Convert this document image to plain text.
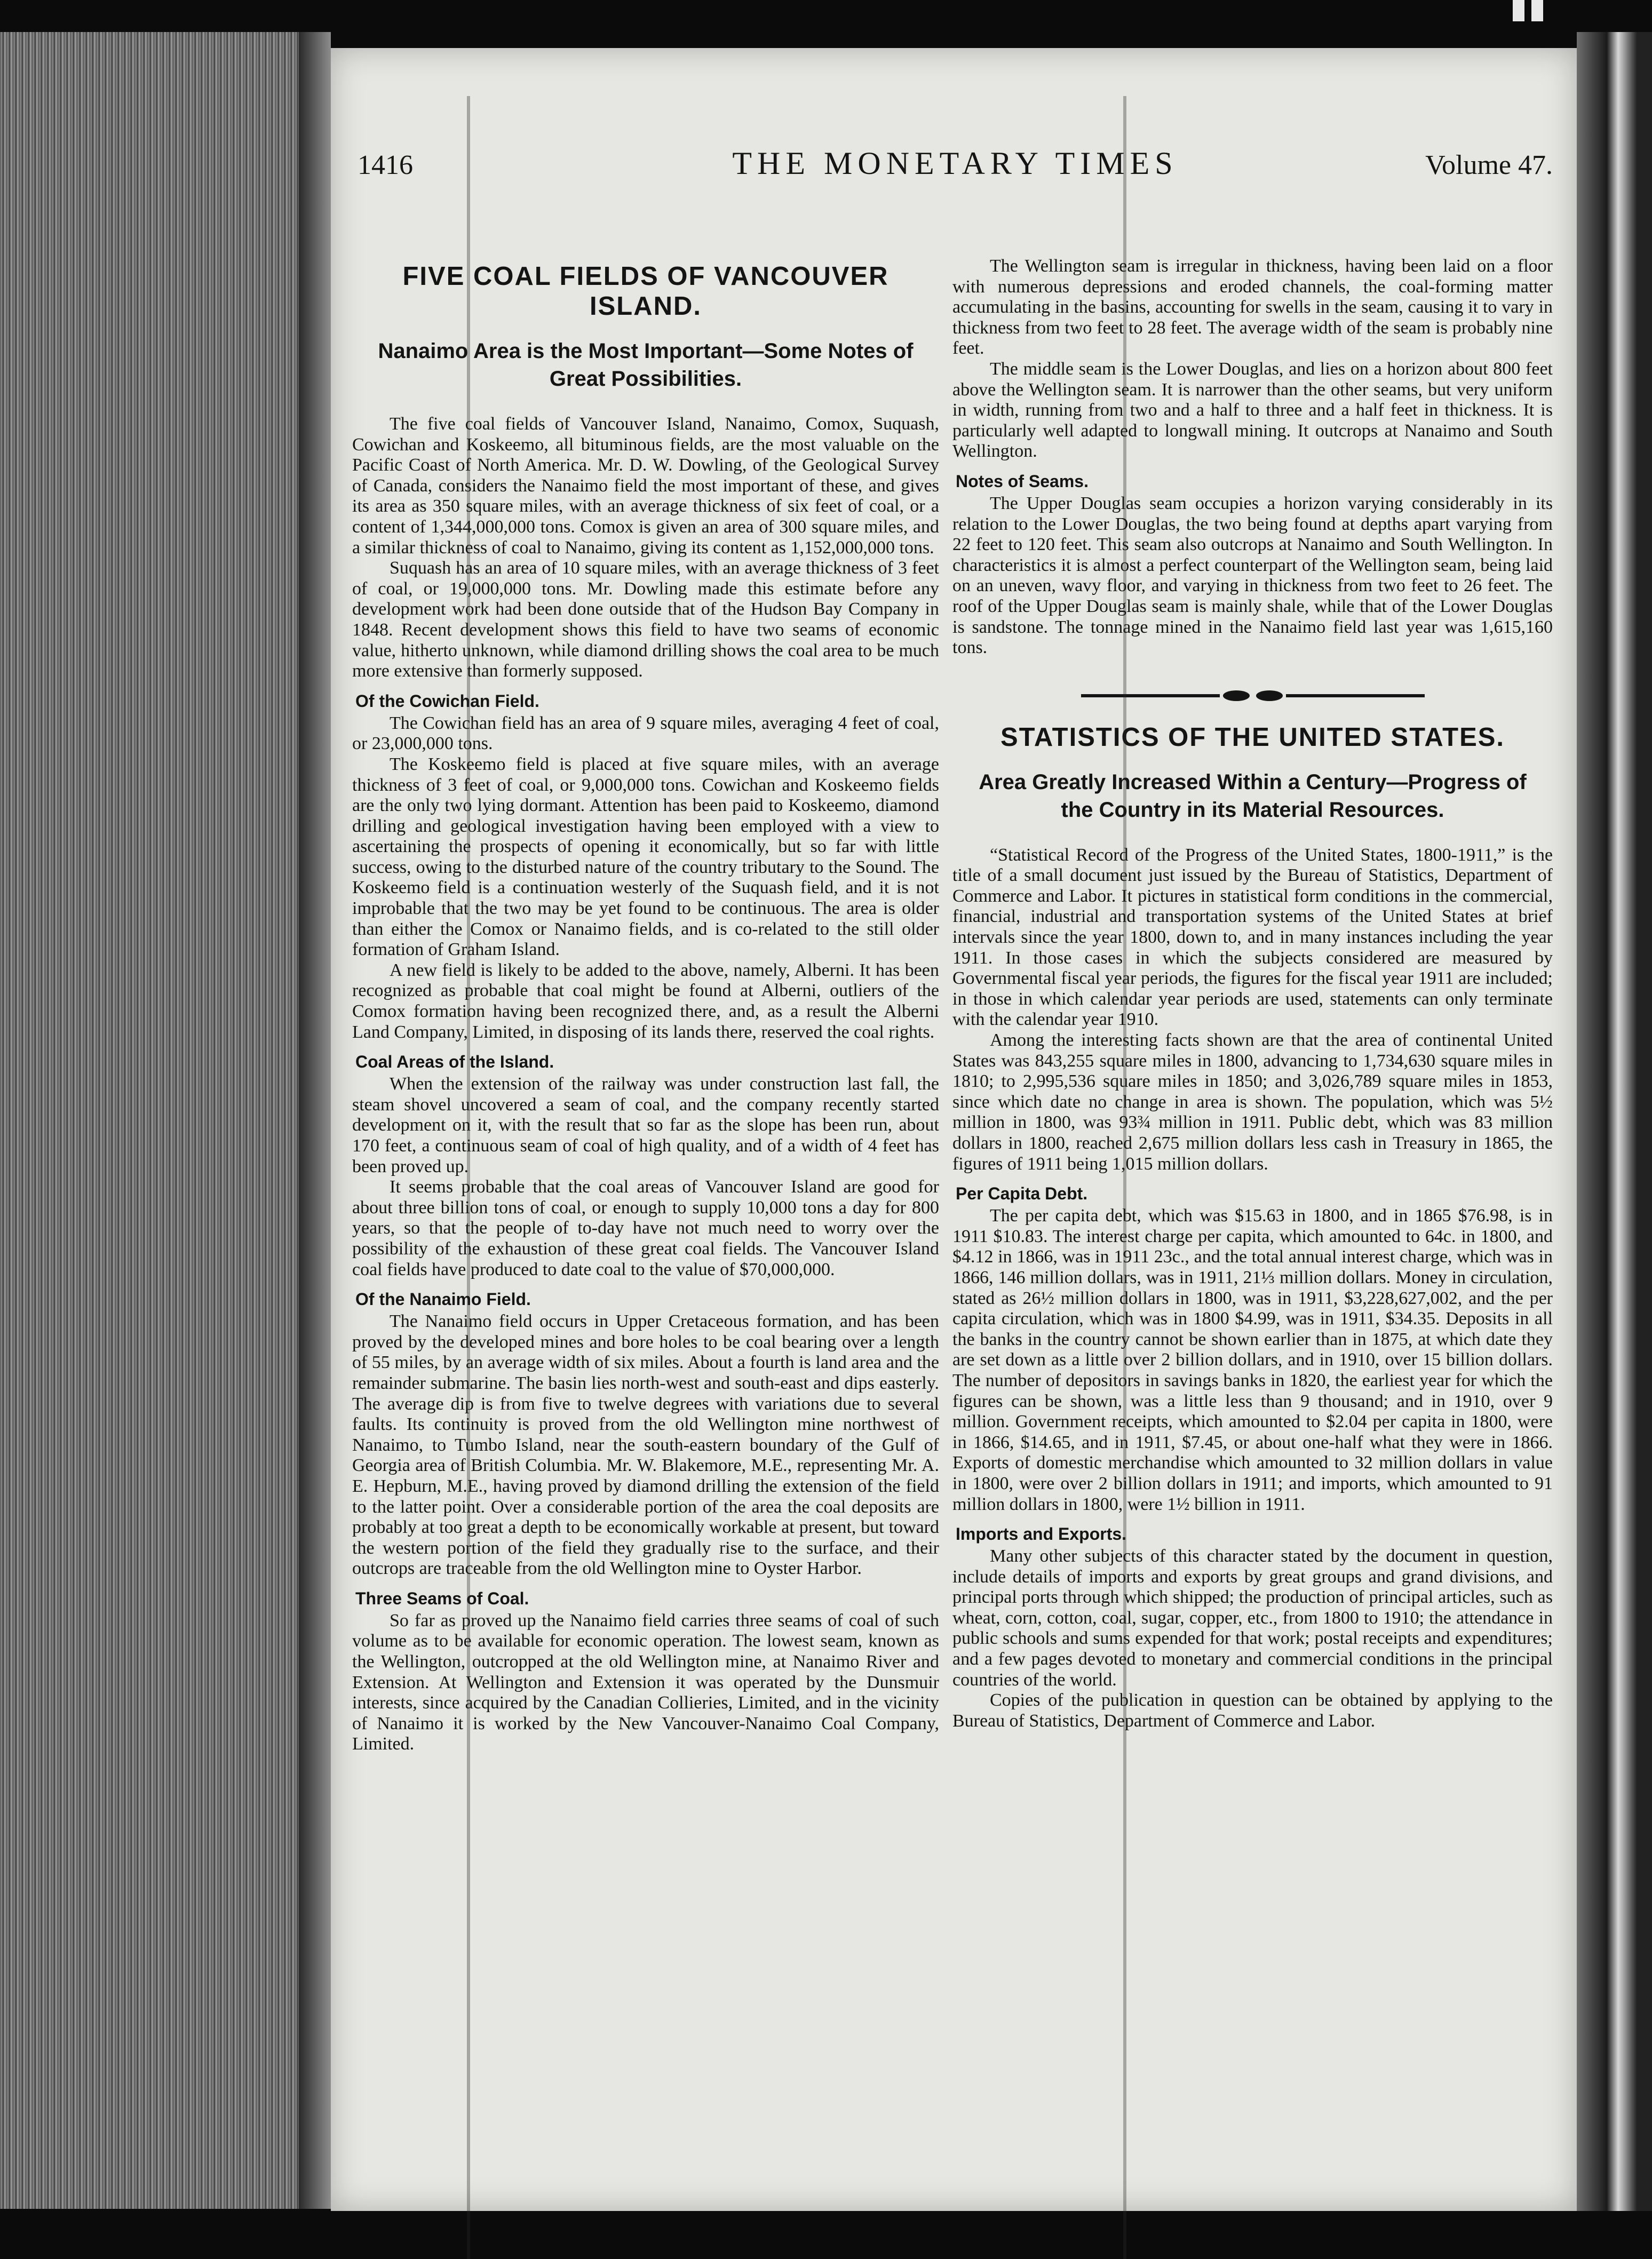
1416	THE MONETARY TIMES	Volume 47.
FIVE COAL FIELDS OF VANCOUVER ISLAND.
Nanaimo Area is the Most Important—Some Notes of Great Possibilities.

The five coal fields of Vancouver Island, Nanaimo, Comox, Suquash, Cowichan and Koskeemo, all bituminous fields, are the most valuable on the Pacific Coast of North America. Mr. D. W. Dowling, of the Geological Survey of Canada, considers the Nanaimo field the most important of these, and gives its area as 350 square miles, with an average thickness of six feet of coal, or a content of 1,344,000,000 tons. Comox is given an area of 300 square miles, and a similar thickness of coal to Nanaimo, giving its content as 1,152,000,000 tons.

Suquash has an area of 10 square miles, with an average thickness of 3 feet of coal, or 19,000,000 tons. Mr. Dowling made this estimate before any development work had been done outside that of the Hudson Bay Company in 1848. Recent development shows this field to have two seams of economic value, hitherto unknown, while diamond drilling shows the coal area to be much more extensive than formerly supposed.

Of the Cowichan Field.

The Cowichan field has an area of 9 square miles, averaging 4 feet of coal, or 23,000,000 tons.

The Koskeemo field is placed at five square miles, with an average thickness of 3 feet of coal, or 9,000,000 tons. Cowichan and Koskeemo fields are the only two lying dormant. Attention has been paid to Koskeemo, diamond drilling and geological investigation having been employed with a view to ascertaining the prospects of opening it economically, but so far with little success, owing to the disturbed nature of the country tributary to the Sound. The Koskeemo field is a continuation westerly of the Suquash field, and it is not improbable that the two may be yet found to be continuous. The area is older than either the Comox or Nanaimo fields, and is co-related to the still older formation of Graham Island.

A new field is likely to be added to the above, namely, Alberni. It has been recognized as probable that coal might be found at Alberni, outliers of the Comox formation having been recognized there, and, as a result the Alberni Land Company, Limited, in disposing of its lands there, reserved the coal rights.

Coal Areas of the Island.

When the extension of the railway was under construction last fall, the steam shovel uncovered a seam of coal, and the company recently started development on it, with the result that so far as the slope has been run, about 170 feet, a continuous seam of coal of high quality, and of a width of 4 feet has been proved up.

It seems probable that the coal areas of Vancouver Island are good for about three billion tons of coal, or enough to supply 10,000 tons a day for 800 years, so that the people of to-day have not much need to worry over the possibility of the exhaustion of these great coal fields. The Vancouver Island coal fields have produced to date coal to the value of $70,000,000.

Of the Nanaimo Field.

The Nanaimo field occurs in Upper Cretaceous formation, and has been proved by the developed mines and bore holes to be coal bearing over a length of 55 miles, by an average width of six miles. About a fourth is land area and the remainder submarine. The basin lies north-west and south-east and dips easterly. The average dip is from five to twelve degrees with variations due to several faults. Its continuity is proved from the old Wellington mine northwest of Nanaimo, to Tumbo Island, near the south-eastern boundary of the Gulf of Georgia area of British Columbia. Mr. W. Blakemore, M.E., representing Mr. A. E. Hepburn, M.E., having proved by diamond drilling the extension of the field to the latter point. Over a considerable portion of the area the coal deposits are probably at too great a depth to be economically workable at present, but toward the western portion of the field they gradually rise to the surface, and their outcrops are traceable from the old Wellington mine to Oyster Harbor.

Three Seams of Coal.

So far as proved up the Nanaimo field carries three seams of coal of such volume as to be available for economic operation. The lowest seam, known as the Wellington, outcropped at the old Wellington mine, at Nanaimo River and Extension. At Wellington and Extension it was operated by the Dunsmuir interests, since acquired by the Canadian Collieries, Limited, and in the vicinity of Nanaimo it is worked by the New Vancouver-Nanaimo Coal Company, Limited.

The Wellington seam is irregular in thickness, having been laid on a floor with numerous depressions and eroded channels, the coal-forming matter accumulating in the basins, accounting for swells in the seam, causing it to vary in thickness from two feet to 28 feet. The average width of the seam is probably nine feet.

The middle seam is the Lower Douglas, and lies on a horizon about 800 feet above the Wellington seam. It is narrower than the other seams, but very uniform in width, running from two and a half to three and a half feet in thickness. It is particularly well adapted to longwall mining. It outcrops at Nanaimo and South Wellington.

Notes of Seams.

The Upper Douglas seam occupies a horizon varying considerably in its relation to the Lower Douglas, the two being found at depths apart varying from 22 feet to 120 feet. This seam also outcrops at Nanaimo and South Wellington. In characteristics it is almost a perfect counterpart of the Wellington seam, being laid on an uneven, wavy floor, and varying in thickness from two feet to 26 feet. The roof of the Upper Douglas seam is mainly shale, while that of the Lower Douglas is sandstone. The tonnage mined in the Nanaimo field last year was 1,615,160 tons.

STATISTICS OF THE UNITED STATES.
Area Greatly Increased Within a Century—Progress of the Country in its Material Resources.

“Statistical Record of the Progress of the United States, 1800-1911,” is the title of a small document just issued by the Bureau of Statistics, Department of Commerce and Labor. It pictures in statistical form conditions in the commercial, financial, industrial and transportation systems of the United States at brief intervals since the year 1800, down to, and in many instances including the year 1911. In those cases in which the subjects considered are measured by Governmental fiscal year periods, the figures for the fiscal year 1911 are included; in those in which calendar year periods are used, statements can only terminate with the calendar year 1910.

Among the interesting facts shown are that the area of continental United States was 843,255 square miles in 1800, advancing to 1,734,630 square miles in 1810; to 2,995,536 square miles in 1850; and 3,026,789 square miles in 1853, since which date no change in area is shown. The population, which was 5½ million in 1800, was 93¾ million in 1911. Public debt, which was 83 million dollars in 1800, reached 2,675 million dollars less cash in Treasury in 1865, the figures of 1911 being 1,015 million dollars.

Per Capita Debt.

The per capita debt, which was $15.63 in 1800, and in 1865 $76.98, is in 1911 $10.83. The interest charge per capita, which amounted to 64c. in 1800, and $4.12 in 1866, was in 1911 23c., and the total annual interest charge, which was in 1866, 146 million dollars, was in 1911, 21⅓ million dollars. Money in circulation, stated as 26½ million dollars in 1800, was in 1911, $3,228,627,002, and the per capita circulation, which was in 1800 $4.99, was in 1911, $34.35. Deposits in all the banks in the country cannot be shown earlier than in 1875, at which date they are set down as a little over 2 billion dollars, and in 1910, over 15 billion dollars. The number of depositors in savings banks in 1820, the earliest year for which the figures can be shown, was a little less than 9 thousand; and in 1910, over 9 million. Government receipts, which amounted to $2.04 per capita in 1800, were in 1866, $14.65, and in 1911, $7.45, or about one-half what they were in 1866. Exports of domestic merchandise which amounted to 32 million dollars in value in 1800, were over 2 billion dollars in 1911; and imports, which amounted to 91 million dollars in 1800, were 1½ billion in 1911.

Imports and Exports.

Many other subjects of this character stated by the document in question, include details of imports and exports by great groups and grand divisions, and principal ports through which shipped; the production of principal articles, such as wheat, corn, cotton, coal, sugar, copper, etc., from 1800 to 1910; the attendance in public schools and sums expended for that work; postal receipts and expenditures; and a few pages devoted to monetary and commercial conditions in the principal countries of the world.

Copies of the publication in question can be obtained by applying to the Bureau of Statistics, Department of Commerce and Labor.
